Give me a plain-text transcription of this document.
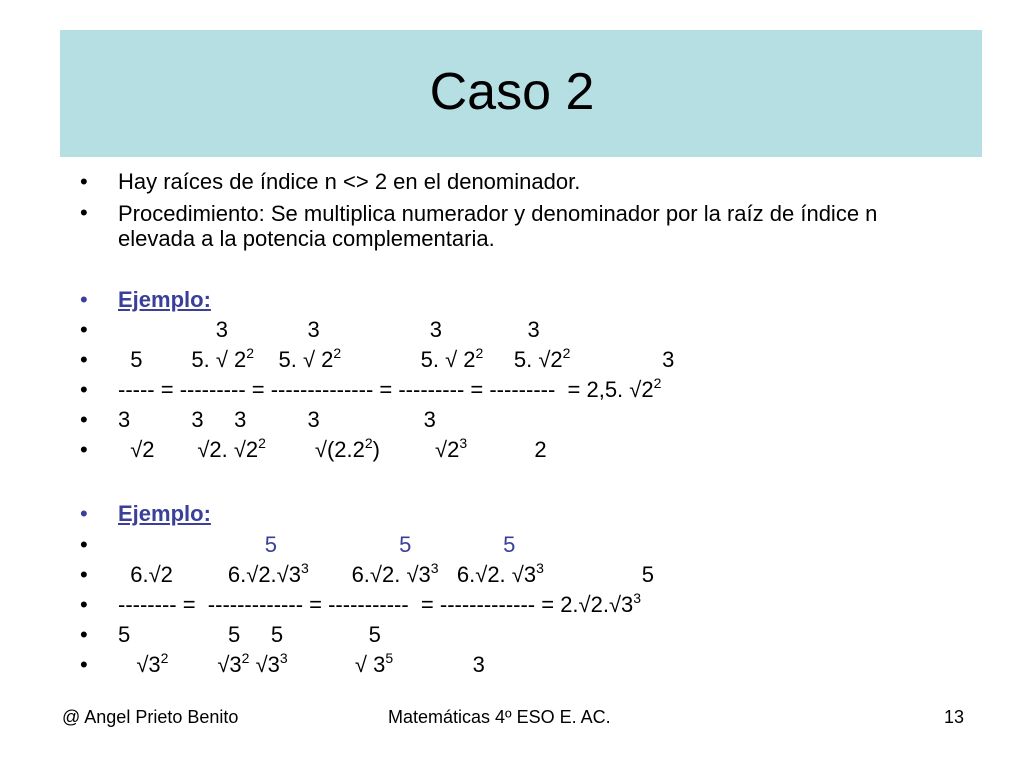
Caso 2

•

Hay raíces de índice n <> 2 en el denominador.

• Procedimiento: Se multiplica numerador y denominador por la raíz de índice n elevada a la potencia complementaria.

•

Ejemplo:

•

3             3                  3              3

•

5        5. √ $2^2$    5. √ $2^2$             5. √ $2^2$     5. $√2^2$               3

•

----- = --------- = -------------- = --------- = ---------  = 2,5. $√2^2$

•

3          3     3          3                 3

•

√2       √2. $√2^2$        $√(2.2^2)$         $√2^3$           2

•

Ejemplo:

•

5                    5               5

•

6.√2         $6.√2.√3^3$       6.√2. $√3^3$   6.√2. $√3^3$                5

•

-------- =  ------------- = -----------  = ------------- = $2.√2.√3^3$

•

5                5     5              5

•

$√3^2$        $√3^2$ $√3^3$           √ $3^5$             3

@ Angel Prieto Benito	Matemáticas 4º ESO E. AC.	13
